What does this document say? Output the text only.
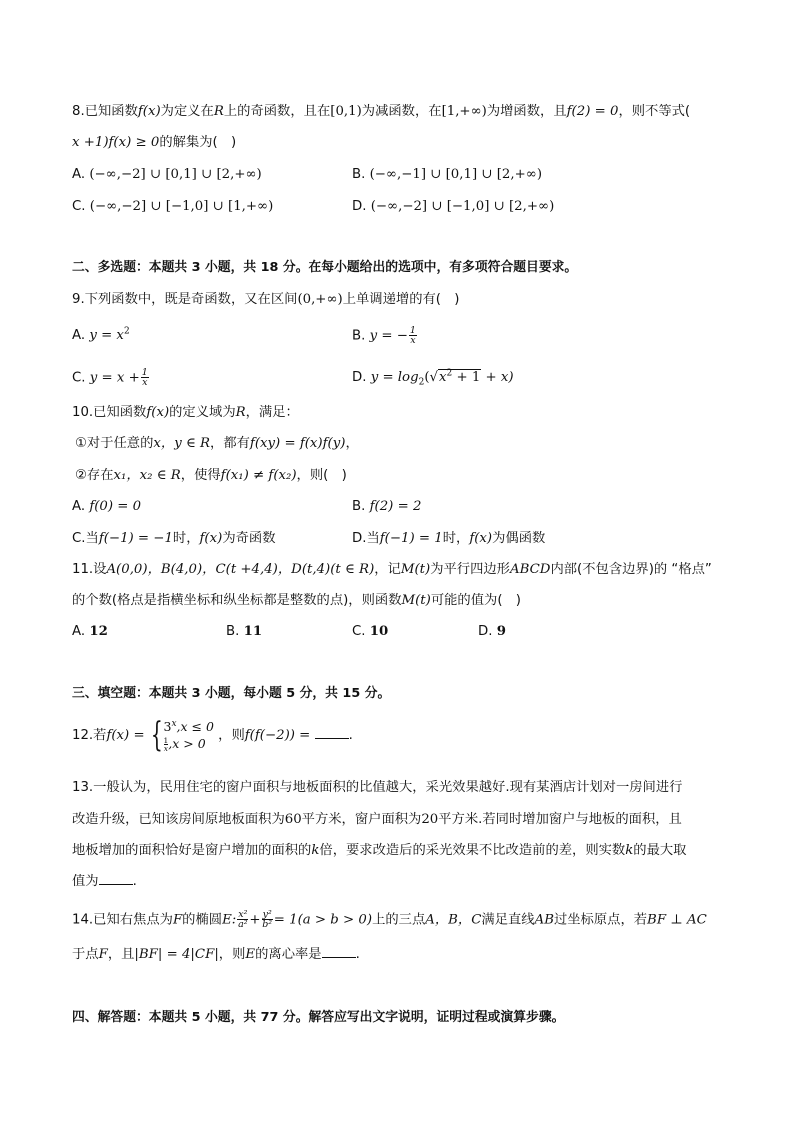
8.已知函数f(x)为定义在R上的奇函数，且在[0,1)为减函数，在[1,+∞)为增函数，且f(2) = 0，则不等式(
x +1)f(x) ≥ 0的解集为(　)
A. (−∞,−2] ∪ [0,1] ∪ [2,+∞)	B. (−∞,−1] ∪ [0,1] ∪ [2,+∞)
C. (−∞,−2] ∪ [−1,0] ∪ [1,+∞)	D. (−∞,−2] ∪ [−1,0] ∪ [2,+∞)
二、多选题：本题共 3 小题，共 18 分。在每小题给出的选项中，有多项符合题目要求。
9.下列函数中，既是奇函数，又在区间(0,+∞)上单调递增的有(　)
A. $y = x^2$	B. y = − $\frac{1}{x}$
C. $y = x + \frac{1}{x}$	D. $y = \log_2(√x^2 + 1 + x)$
10.已知函数f(x)的定义域为R，满足：
①对于任意的x，y ∈ R，都有f(xy) = f(x)f(y)，
②存在x₁，x₂ ∈ R，使得f(x₁) ≠ f(x₂)，则(　)
A. f(0) = 0	B. f(2) = 2
C.当f(−1) = −1时，f(x)为奇函数	D.当f(−1) = 1时，f(x)为偶函数
11.设A(0,0)，B(4,0)，C(t +4,4)，D(t,4)(t ∈ R)，记M(t)为平行四边形ABCD内部(不包含边界)的 “格点”
的个数(格点是指横坐标和纵坐标都是整数的点)，则函数M(t)可能的值为(　)
A. 12	B. 11	C. 10	D. 9
三、填空题：本题共 3 小题，每小题 5 分，共 15 分。
12.若f(x) = { $3^x,x \le 0$
$\frac{1}{x} ,x > 0$
，则f(f(−2)) =	.
13.一般认为，民用住宅的窗户面积与地板面积的比值越大，采光效果越好.现有某酒店计划对一房间进行
改造升级，已知该房间原地板面积为60平方米，窗户面积为20平方米.若同时增加窗户与地板的面积，且
地板增加的面积恰好是窗户增加的面积的k倍，要求改造后的采光效果不比改造前的差，则实数k的最大取
值为	.
14.已知右焦点为F的椭圆E: $\frac{\text{x²}}{\text{a²}} + \frac{\text{y²}}{\text{b²}} = 1(a > b > 0)$上的三点A，B，C满足直线AB过坐标原点，若BF ⊥ AC
于点F，且|BF| = 4|CF|，则E的离心率是	.
四、解答题：本题共 5 小题，共 77 分。解答应写出文字说明，证明过程或演算步骤。
